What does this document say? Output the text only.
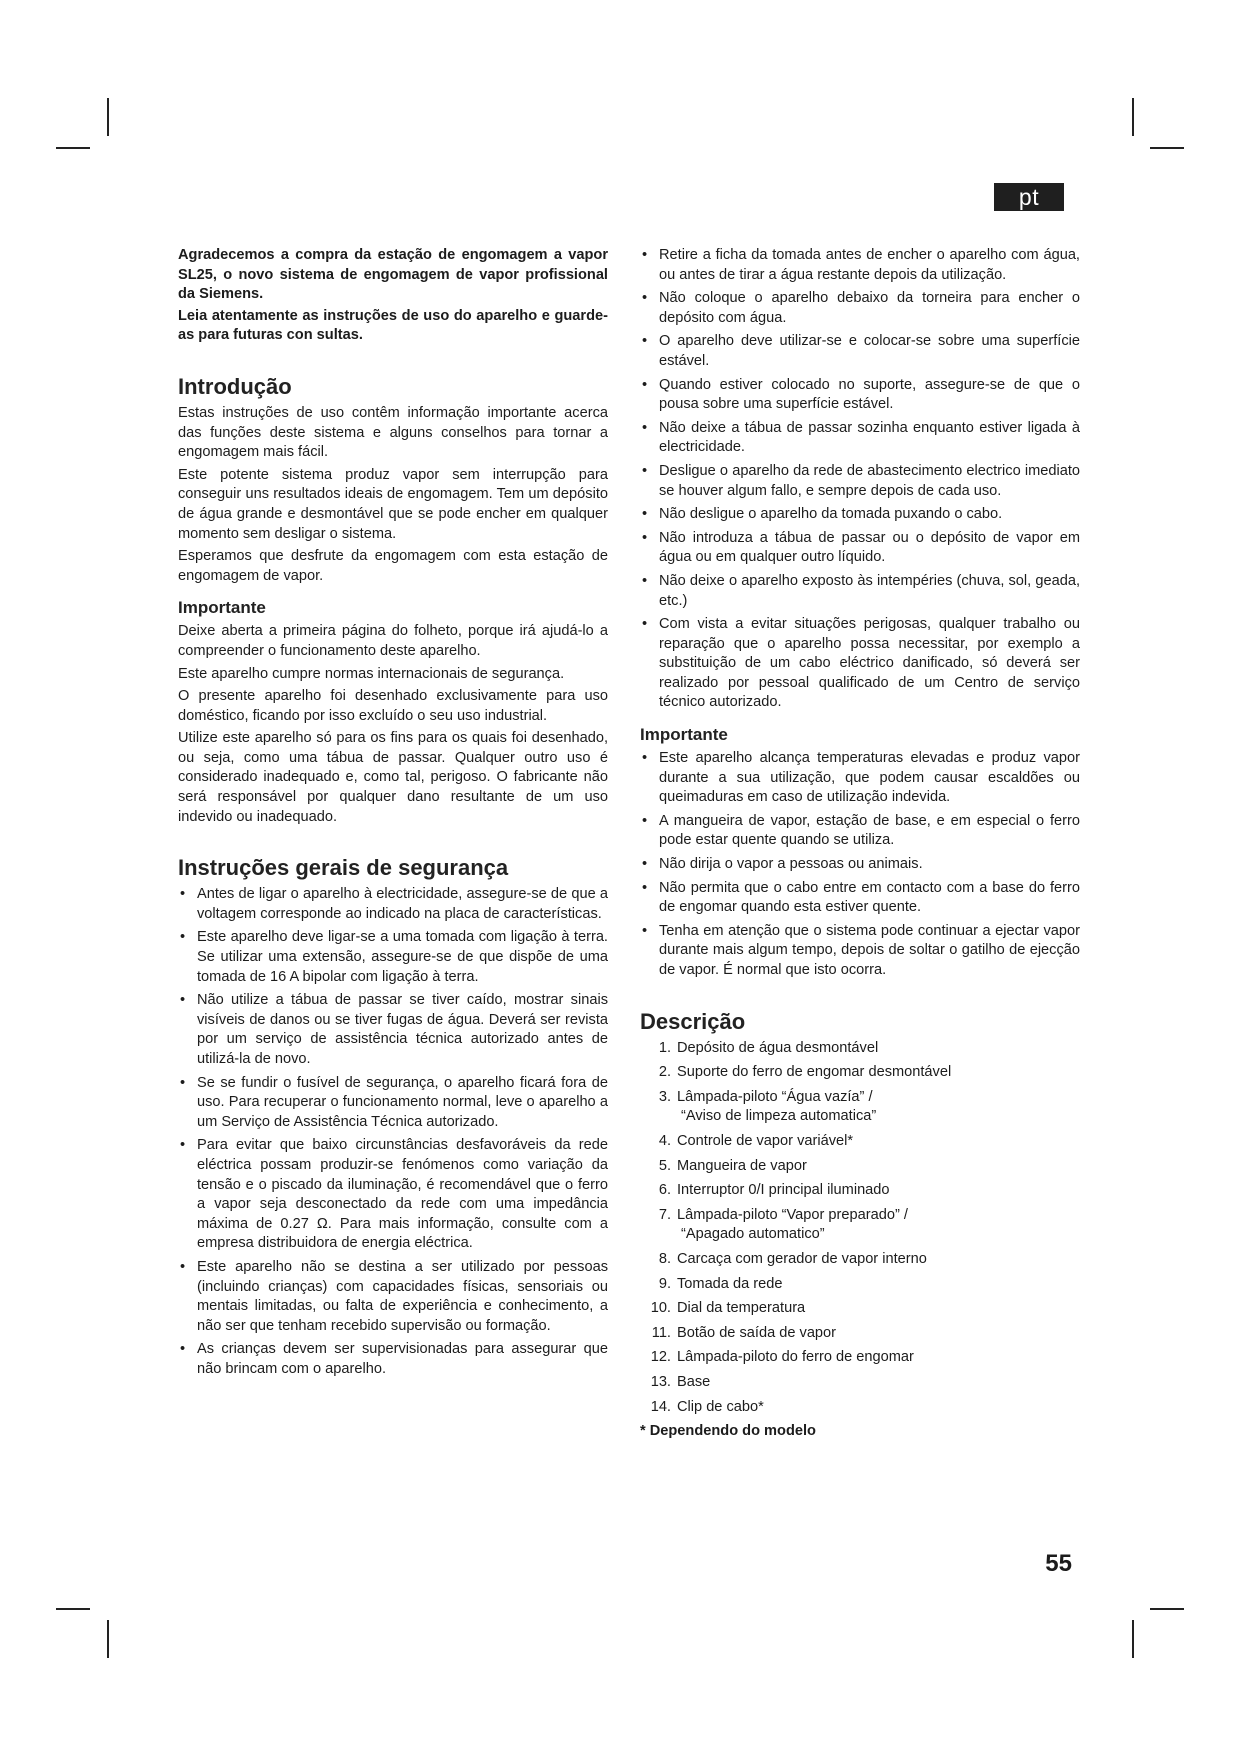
pt

Agradecemos a compra da estação de engomagem a vapor SL25, o novo sistema de engomagem de vapor profissional da Siemens.

Leia atentamente as instruções de uso do aparelho e guarde-as para futuras con sultas.

Introdução

Estas instruções de uso contêm informação importante acerca das funções deste sistema e alguns conselhos para tornar a engomagem mais fácil.

Este potente sistema produz vapor sem interrupção para conseguir uns resultados ideais de engomagem. Tem um depósito de água grande e desmontável que se pode encher em qualquer momento sem desligar o sistema.

Esperamos que desfrute da engomagem com esta estação de engomagem de vapor.

Importante

Deixe aberta a primeira página do folheto, porque irá ajudá-lo a compreender o funcionamento deste aparelho.

Este aparelho cumpre normas internacionais de segurança.

O presente aparelho foi desenhado exclusivamente para uso doméstico, ficando por isso excluído o seu uso industrial.

Utilize este aparelho só para os fins para os quais foi desenhado, ou seja, como uma tábua de passar. Qualquer outro uso é considerado inadequado e, como tal, perigoso. O fabricante não será responsável por qualquer dano resultante de um uso indevido ou inadequado.

Instruções gerais de segurança
• Antes de ligar o aparelho à electricidade, assegure-se de que a voltagem corresponde ao indicado na placa de características.
• Este aparelho deve ligar-se a uma tomada com ligação à terra. Se utilizar uma extensão, assegure-se de que dispõe de uma tomada de 16 A bipolar com ligação à terra.
• Não utilize a tábua de passar se tiver caído, mostrar sinais visíveis de danos ou se tiver fugas de água. Deverá ser revista por um serviço de assistência técnica autorizado antes de utilizá-la de novo.
• Se se fundir o fusível de segurança, o aparelho ficará fora de uso. Para recuperar o funcionamento normal, leve o aparelho a um Serviço de Assistência Técnica autorizado.
• Para evitar que baixo circunstâncias desfavoráveis da rede eléctrica possam produzir-se fenómenos como variação da tensão e o piscado da iluminação, é recomendável que o ferro a vapor seja desconectado da rede com uma impedância máxima de 0.27 Ω. Para mais informação, consulte com a empresa distribuidora de energia eléctrica.
• Este aparelho não se destina a ser utilizado por pessoas (incluindo crianças) com capacidades físicas, sensoriais ou mentais limitadas, ou falta de experiência e conhecimento, a não ser que tenham recebido supervisão ou formação.
• As crianças devem ser supervisionadas para assegurar que não brincam com o aparelho.
• Retire a ficha da tomada antes de encher o aparelho com água, ou antes de tirar a água restante depois da utilização.
• Não coloque o aparelho debaixo da torneira para encher o depósito com água.
• O aparelho deve utilizar-se e colocar-se sobre uma superfície estável.
• Quando estiver colocado no suporte, assegure-se de que o pousa sobre uma superfície estável.
• Não deixe a tábua de passar sozinha enquanto estiver ligada à electricidade.
• Desligue o aparelho da rede de abastecimento electrico imediato se houver algum fallo, e sempre depois de cada uso.
• Não desligue o aparelho da tomada puxando o cabo.
• Não introduza a tábua de passar ou o depósito de vapor em água ou em qualquer outro líquido.
• Não deixe o aparelho exposto às intempéries (chuva, sol, geada, etc.)
• Com vista a evitar situações perigosas, qualquer trabalho ou reparação que o aparelho possa necessitar, por exemplo a substituição de um cabo eléctrico danificado, só deverá ser realizado por pessoal qualificado de um Centro de serviço técnico autorizado.
Importante
• Este aparelho alcança temperaturas elevadas e produz vapor durante a sua utilização, que podem causar escaldões ou queimaduras em caso de utilização indevida.
• A mangueira de vapor, estação de base, e em especial o ferro pode estar quente quando se utiliza.
• Não dirija o vapor a pessoas ou animais.
• Não permita que o cabo entre em contacto com a base do ferro de engomar quando esta estiver quente.
• Tenha em atenção que o sistema pode continuar a ejectar vapor durante mais algum tempo, depois de soltar o gatilho de ejecção de vapor. É normal que isto ocorra.
Descrição
1. Depósito de água desmontável
2. Suporte do ferro de engomar desmontável
3. Lâmpada-piloto “Água vazía” /
“Aviso de limpeza automatica”
4. Controle de vapor variável*
5. Mangueira de vapor
6. Interruptor 0/I principal iluminado
7. Lâmpada-piloto “Vapor preparado” /
“Apagado automatico”
8. Carcaça com gerador de vapor interno
9. Tomada da rede
10. Dial da temperatura
11. Botão de saída de vapor
12. Lâmpada-piloto do ferro de engomar
13. Base
14. Clip de cabo*

* Dependendo do modelo

55
